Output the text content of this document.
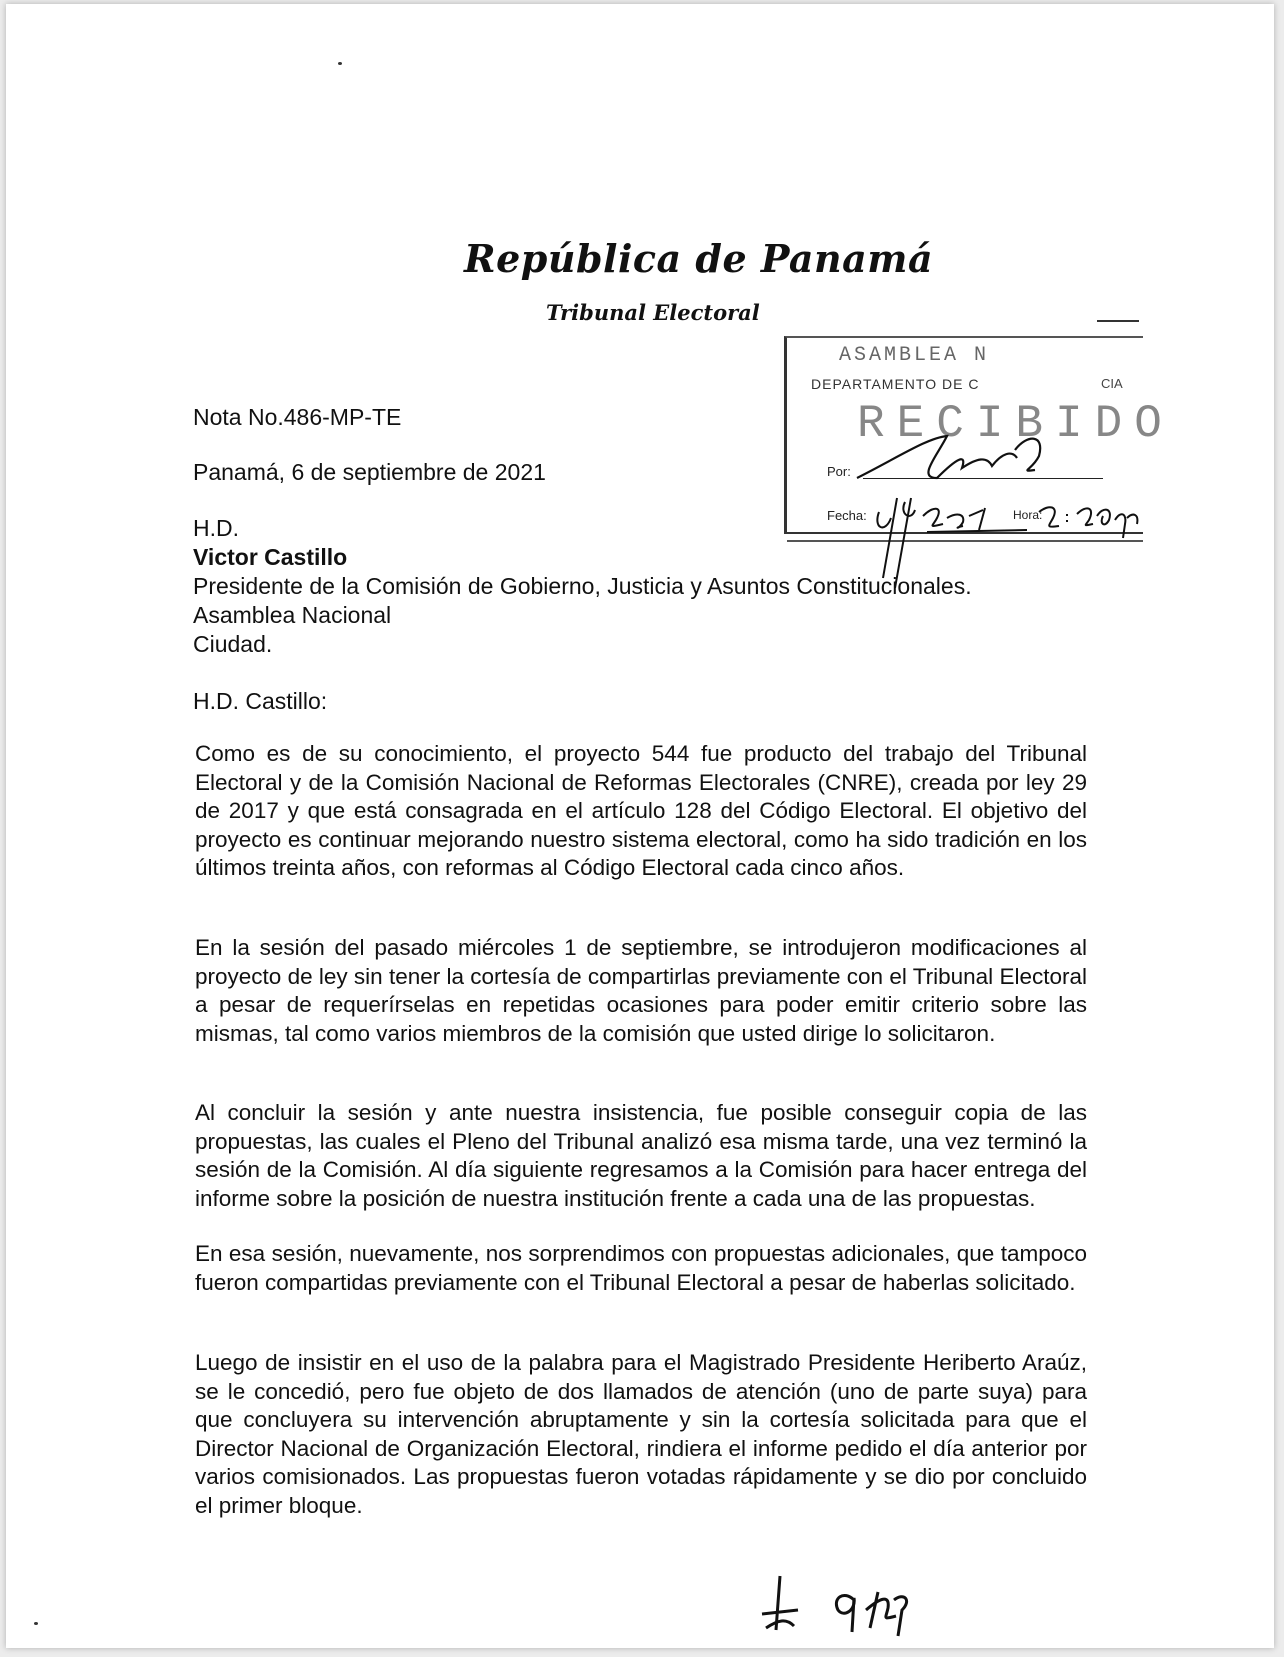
República de Panamá
Tribunal Electoral
ASAMBLEA N
DEPARTAMENTO DE C	CIA
RECIBIDO
Por:
Fecha:	Hora:
Nota No.486-MP-TE
Panamá, 6 de septiembre de 2021
H.D.
Victor Castillo
Presidente de la Comisión de Gobierno, Justicia y Asuntos Constitucionales.
Asamblea Nacional
Ciudad.
H.D. Castillo:
Como es de su conocimiento, el proyecto 544 fue producto del trabajo del Tribunal Electoral y de la Comisión Nacional de Reformas Electorales (CNRE), creada por ley 29 de 2017 y que está consagrada en el artículo 128 del Código Electoral. El objetivo del proyecto es continuar mejorando nuestro sistema electoral, como ha sido tradición en los últimos treinta años, con reformas al Código Electoral cada cinco años.
En la sesión del pasado miércoles 1 de septiembre, se introdujeron modificaciones al proyecto de ley sin tener la cortesía de compartirlas previamente con el Tribunal Electoral a pesar de requerírselas en repetidas ocasiones para poder emitir criterio sobre las mismas, tal como varios miembros de la comisión que usted dirige lo solicitaron.
Al concluir la sesión y ante nuestra insistencia, fue posible conseguir copia de las propuestas, las cuales el Pleno del Tribunal analizó esa misma tarde, una vez terminó la sesión de la Comisión. Al día siguiente regresamos a la Comisión para hacer entrega del informe sobre la posición de nuestra institución frente a cada una de las propuestas.
En esa sesión, nuevamente, nos sorprendimos con propuestas adicionales, que tampoco fueron compartidas previamente con el Tribunal Electoral a pesar de haberlas solicitado.
Luego de insistir en el uso de la palabra para el Magistrado Presidente Heriberto Araúz, se le concedió, pero fue objeto de dos llamados de atención (uno de parte suya) para que concluyera su intervención abruptamente y sin la cortesía solicitada para que el Director Nacional de Organización Electoral, rindiera el informe pedido el día anterior por varios comisionados. Las propuestas fueron votadas rápidamente y se dio por concluido el primer bloque.
